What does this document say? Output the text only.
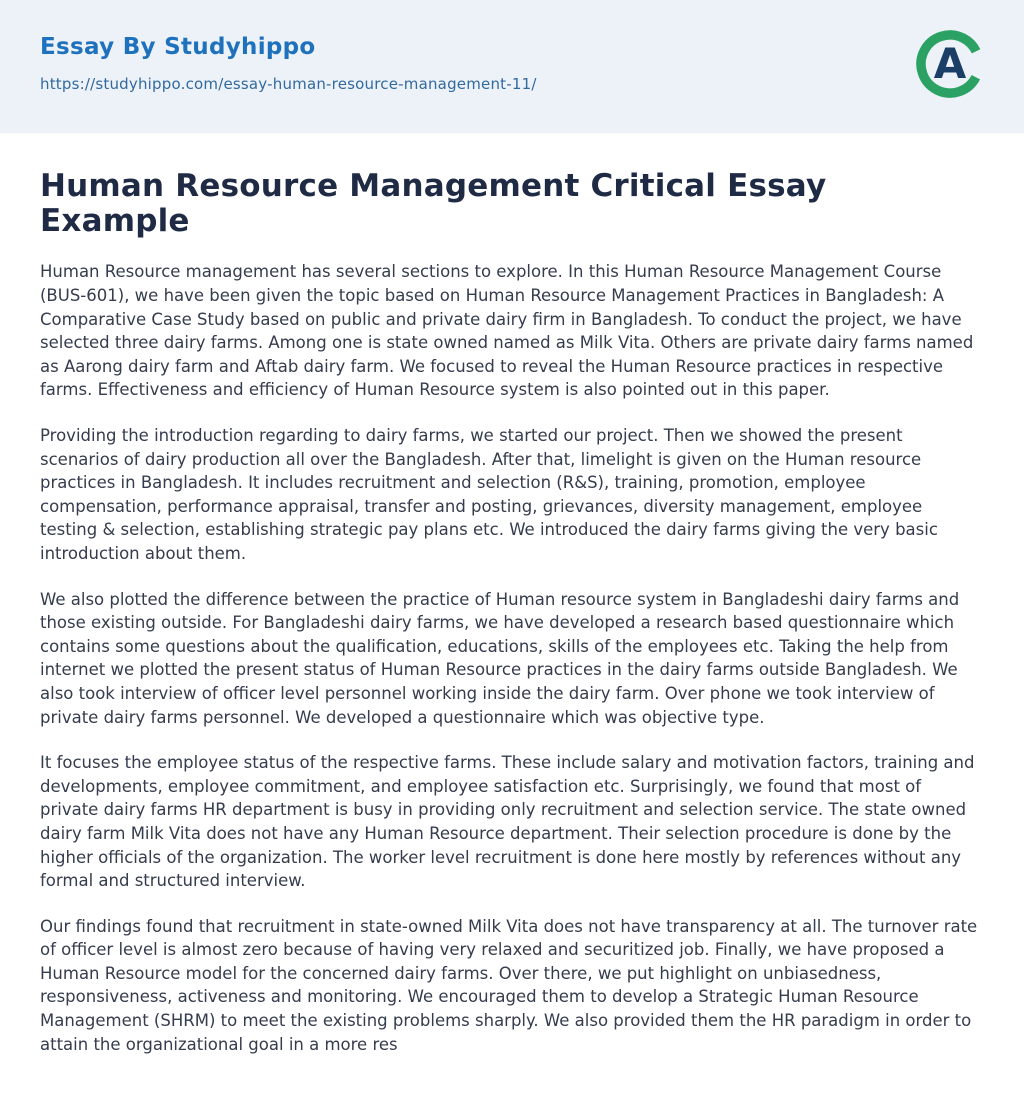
Essay By Studyhippo
https://studyhippo.com/essay-human-resource-management-11/	A
Human Resource Management Critical Essay Example

Human Resource management has several sections to explore. In this Human Resource Management Course (BUS-601), we have been given the topic based on Human Resource Management Practices in Bangladesh: A Comparative Case Study based on public and private dairy firm in Bangladesh. To conduct the project, we have selected three dairy farms. Among one is state owned named as Milk Vita. Others are private dairy farms named as Aarong dairy farm and Aftab dairy farm. We focused to reveal the Human Resource practices in respective farms. Effectiveness and efficiency of Human Resource system is also pointed out in this paper.

Providing the introduction regarding to dairy farms, we started our project. Then we showed the present scenarios of dairy production all over the Bangladesh. After that, limelight is given on the Human resource practices in Bangladesh. It includes recruitment and selection (R&S), training, promotion, employee compensation, performance appraisal, transfer and posting, grievances, diversity management, employee testing & selection, establishing strategic pay plans etc. We introduced the dairy farms giving the very basic introduction about them.

We also plotted the difference between the practice of Human resource system in Bangladeshi dairy farms and those existing outside. For Bangladeshi dairy farms, we have developed a research based questionnaire which contains some questions about the qualification, educations, skills of the employees etc. Taking the help from internet we plotted the present status of Human Resource practices in the dairy farms outside Bangladesh. We also took interview of officer level personnel working inside the dairy farm. Over phone we took interview of private dairy farms personnel. We developed a questionnaire which was objective type.

It focuses the employee status of the respective farms. These include salary and motivation factors, training and developments, employee commitment, and employee satisfaction etc. Surprisingly, we found that most of private dairy farms HR department is busy in providing only recruitment and selection service. The state owned dairy farm Milk Vita does not have any Human Resource department. Their selection procedure is done by the higher officials of the organization. The worker level recruitment is done here mostly by references without any formal and structured interview.

Our findings found that recruitment in state-owned Milk Vita does not have transparency at all. The turnover rate of officer level is almost zero because of having very relaxed and securitized job. Finally, we have proposed a Human Resource model for the concerned dairy farms. Over there, we put highlight on unbiasedness, responsiveness, activeness and monitoring. We encouraged them to develop a Strategic Human Resource Management (SHRM) to meet the existing problems sharply. We also provided them the HR paradigm in order to attain the organizational goal in a more res
